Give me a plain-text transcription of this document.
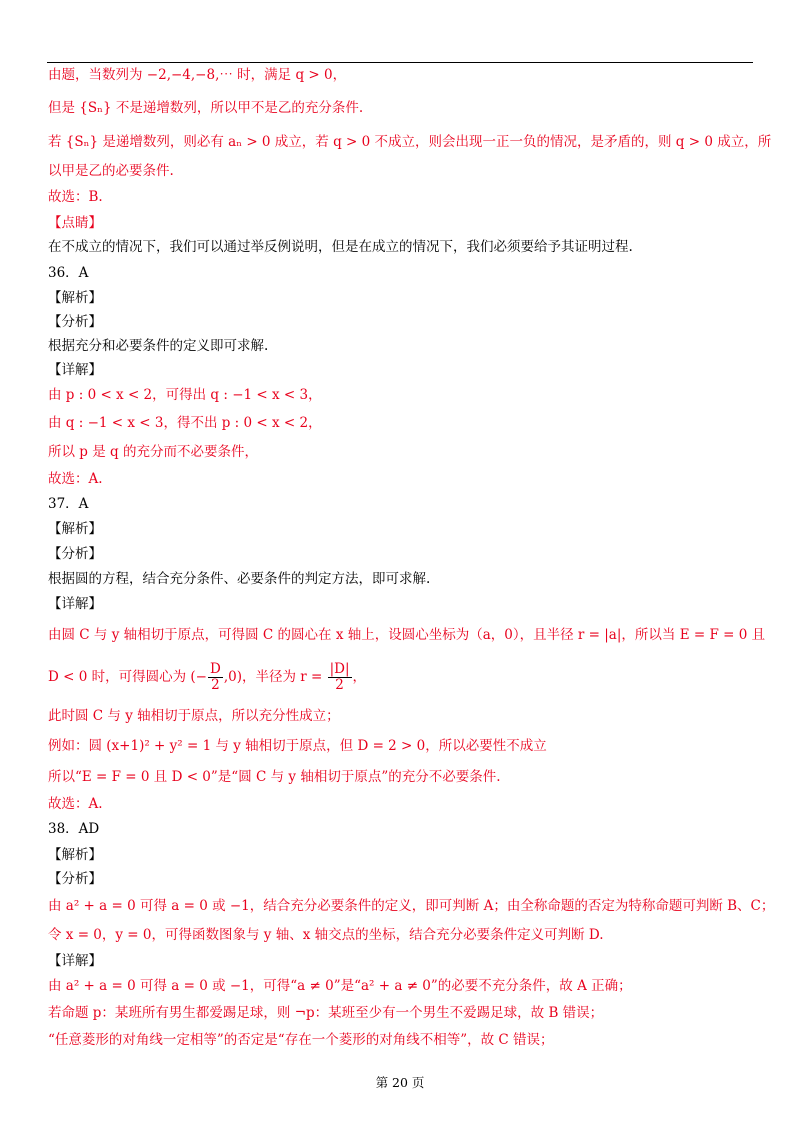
由题，当数列为 −2,−4,−8,⋯ 时，满足 q > 0，
但是 {Sₙ} 不是递增数列，所以甲不是乙的充分条件.
若 {Sₙ} 是递增数列，则必有 aₙ > 0 成立，若 q > 0 不成立，则会出现一正一负的情况，是矛盾的，则 q > 0 成立，所
以甲是乙的必要条件.
故选：B.
【点睛】
在不成立的情况下，我们可以通过举反例说明，但是在成立的情况下，我们必须要给予其证明过程.
36．A
【解析】
【分析】
根据充分和必要条件的定义即可求解.
【详解】
由 p : 0 < x < 2，可得出 q : −1 < x < 3，
由 q : −1 < x < 3，得不出 p : 0 < x < 2，
所以 p 是 q 的充分而不必要条件，
故选：A.
37．A
【解析】
【分析】
根据圆的方程，结合充分条件、必要条件的判定方法，即可求解.
【详解】
由圆 C 与 y 轴相切于原点，可得圆 C 的圆心在 x 轴上，设圆心坐标为（a，0），且半径 r = |a|，所以当 E = F = 0 且
D < 0 时，可得圆心为 (− $\frac{D}{2} ,0$)，半径为 $r = \frac{|D|}{2}$ ，
此时圆 C 与 y 轴相切于原点，所以充分性成立；
例如：圆 (x+1)² + y² = 1 与 y 轴相切于原点，但 D = 2 > 0，所以必要性不成立
所以“E = F = 0 且 D < 0”是“圆 C 与 y 轴相切于原点”的充分不必要条件.
故选：A.
38．AD
【解析】
【分析】
由 a² + a = 0 可得 a = 0 或 −1，结合充分必要条件的定义，即可判断 A；由全称命题的否定为特称命题可判断 B、C；
令 x = 0，y = 0，可得函数图象与 y 轴、x 轴交点的坐标，结合充分必要条件定义可判断 D.
【详解】
由 a² + a = 0 可得 a = 0 或 −1，可得“a ≠ 0”是“a² + a ≠ 0”的必要不充分条件，故 A 正确；
若命题 p：某班所有男生都爱踢足球，则 ¬p：某班至少有一个男生不爱踢足球，故 B 错误；
“任意菱形的对角线一定相等”的否定是“存在一个菱形的对角线不相等”，故 C 错误；
第 20 页
